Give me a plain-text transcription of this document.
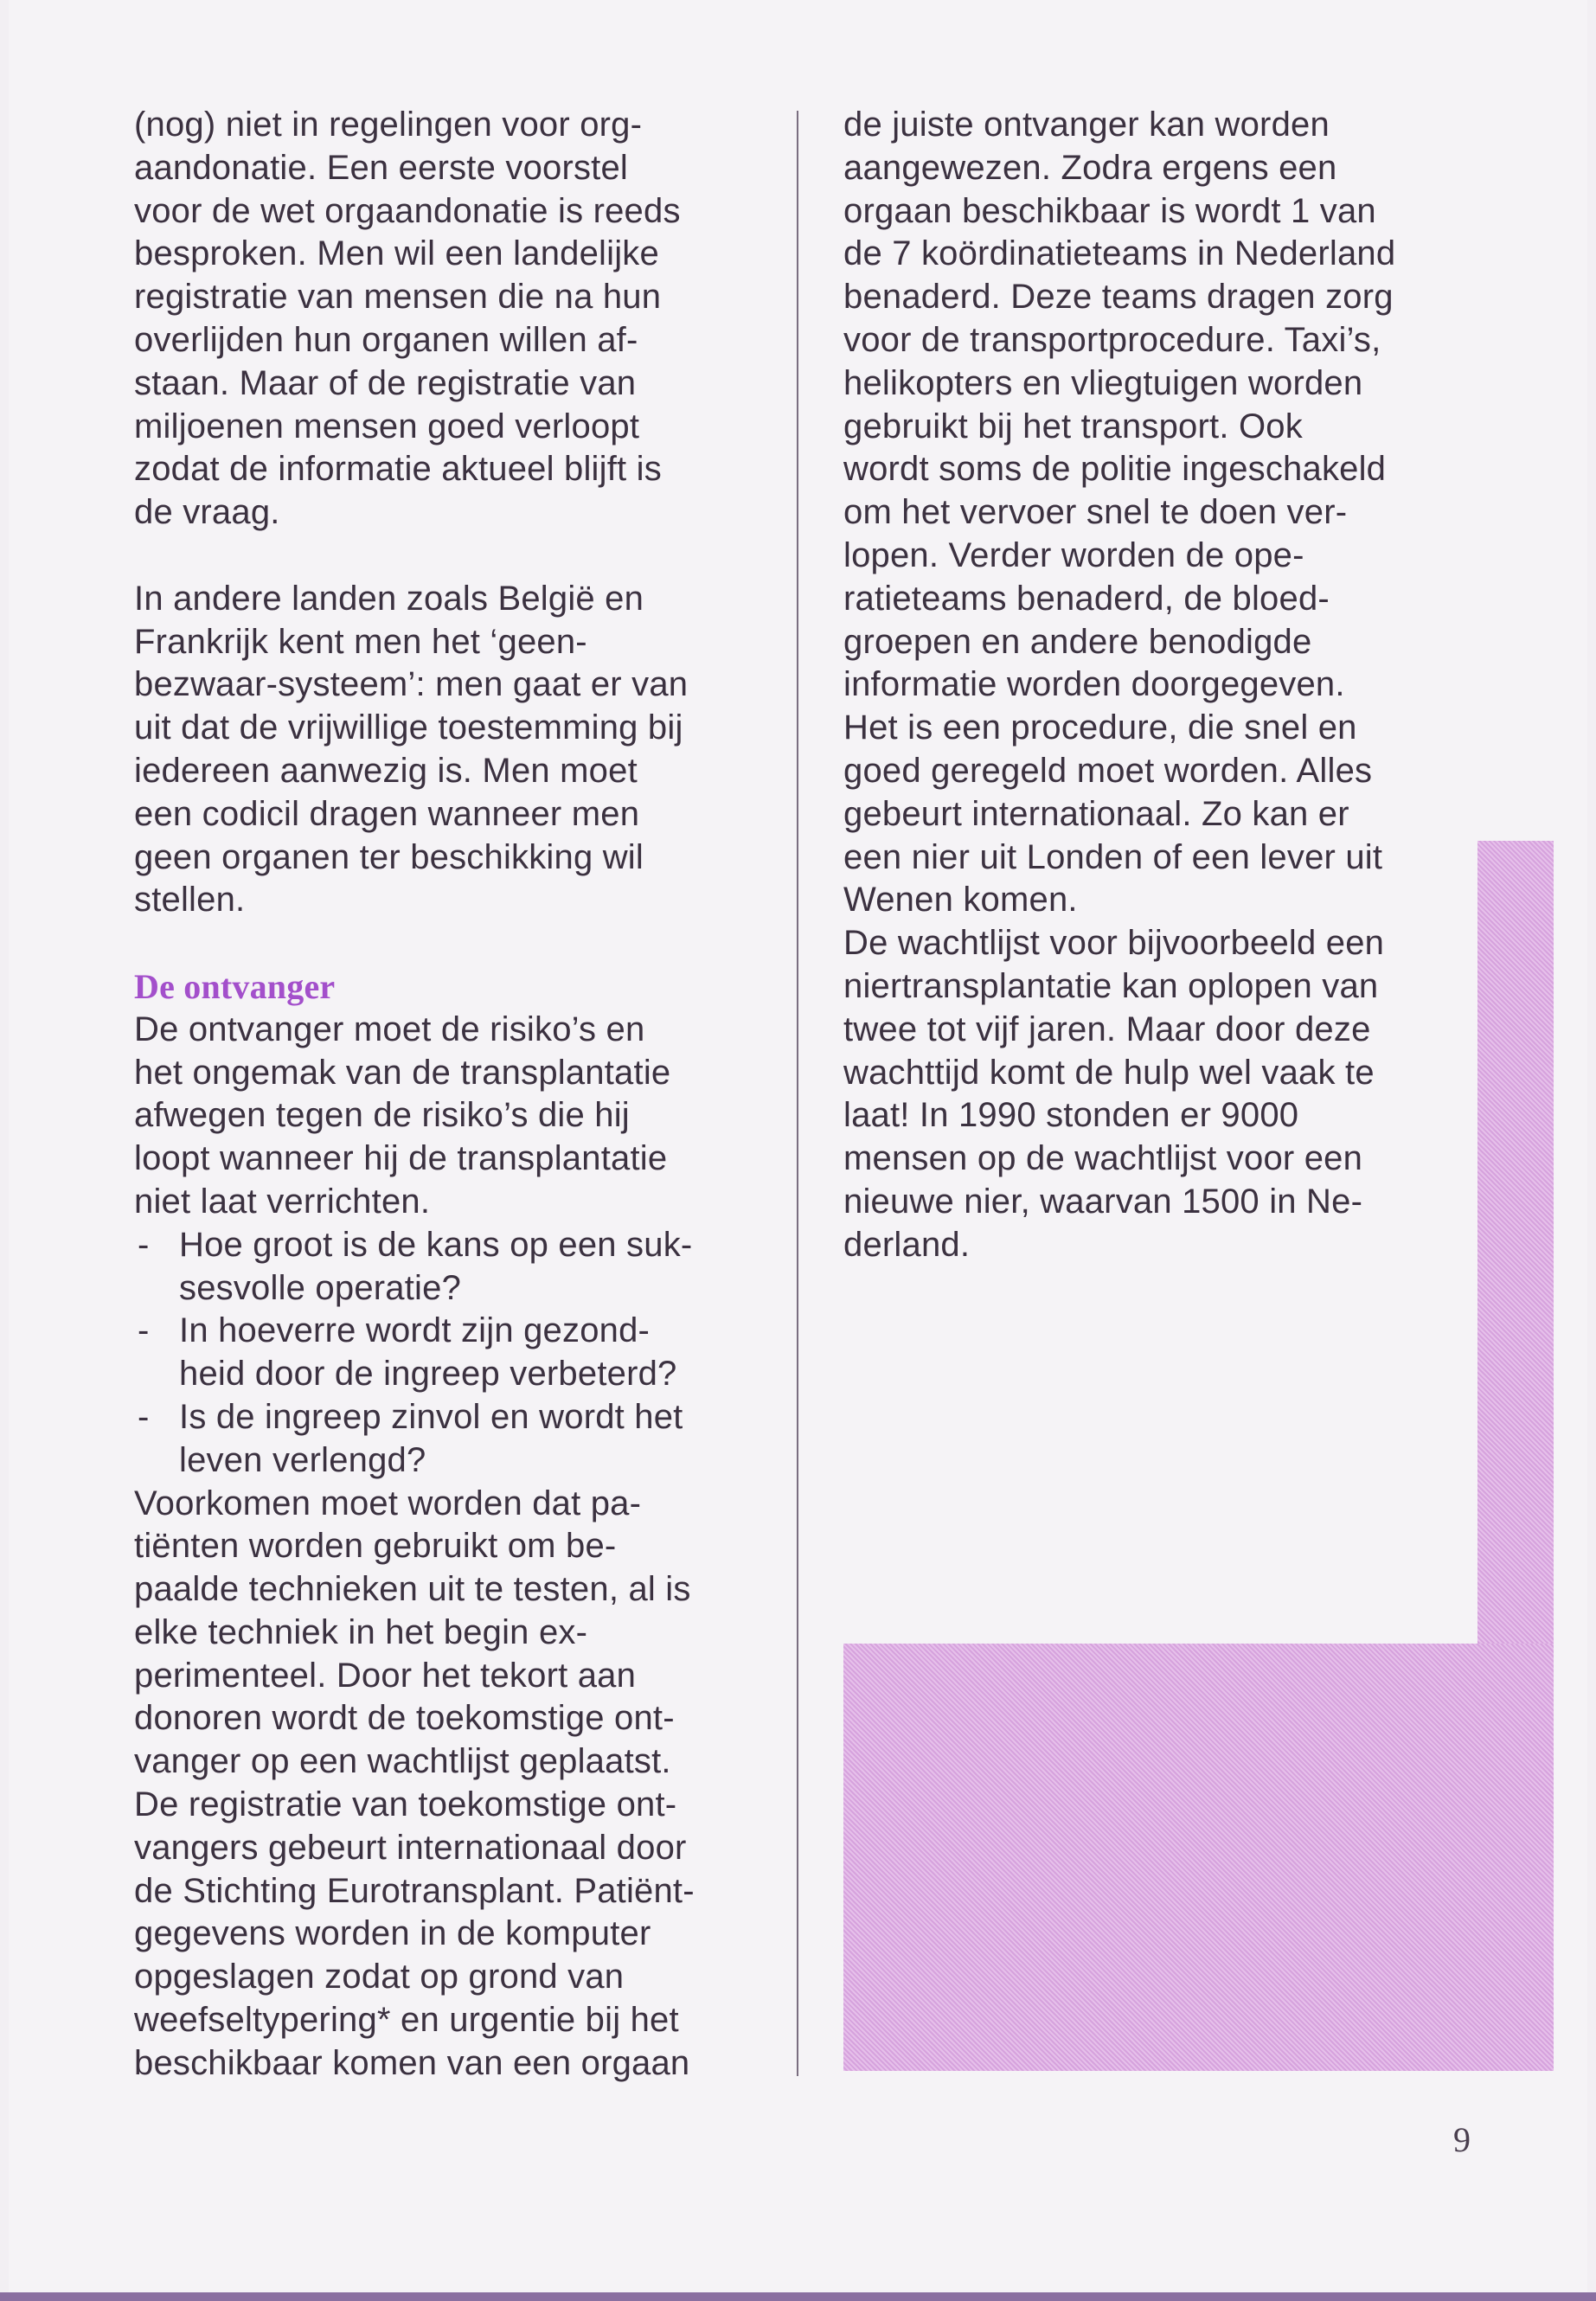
(nog) niet in regelingen voor org-
aandonatie. Een eerste voorstel
voor de wet orgaandonatie is reeds
besproken. Men wil een landelijke
registratie van mensen die na hun
overlijden hun organen willen af-
staan. Maar of de registratie van
miljoenen mensen goed verloopt
zodat de informatie aktueel blijft is
de vraag.
In andere landen zoals België en
Frankrijk kent men het ‘geen-
bezwaar-systeem’: men gaat er van
uit dat de vrijwillige toestemming bij
iedereen aanwezig is. Men moet
een codicil dragen wanneer men
geen organen ter beschikking wil
stellen.
De ontvanger
De ontvanger moet de risiko’s en
het ongemak van de transplantatie
afwegen tegen de risiko’s die hij
loopt wanneer hij de transplantatie
niet laat verrichten.
- Hoe groot is de kans op een suk-
sesvolle operatie?
- In hoeverre wordt zijn gezond-
heid door de ingreep verbeterd?
- Is de ingreep zinvol en wordt het
leven verlengd?
Voorkomen moet worden dat pa-
tiënten worden gebruikt om be-
paalde technieken uit te testen, al is
elke techniek in het begin ex-
perimenteel. Door het tekort aan
donoren wordt de toekomstige ont-
vanger op een wachtlijst geplaatst.
De registratie van toekomstige ont-
vangers gebeurt internationaal door
de Stichting Eurotransplant. Patiënt-
gegevens worden in de komputer
opgeslagen zodat op grond van
weefseltypering* en urgentie bij het
beschikbaar komen van een orgaan
de juiste ontvanger kan worden
aangewezen. Zodra ergens een
orgaan beschikbaar is wordt 1 van
de 7 koördinatieteams in Nederland
benaderd. Deze teams dragen zorg
voor de transportprocedure. Taxi’s,
helikopters en vliegtuigen worden
gebruikt bij het transport. Ook
wordt soms de politie ingeschakeld
om het vervoer snel te doen ver-
lopen. Verder worden de ope-
ratieteams benaderd, de bloed-
groepen en andere benodigde
informatie worden doorgegeven.
Het is een procedure, die snel en
goed geregeld moet worden. Alles
gebeurt internationaal. Zo kan er
een nier uit Londen of een lever uit
Wenen komen.
De wachtlijst voor bijvoorbeeld een
niertransplantatie kan oplopen van
twee tot vijf jaren. Maar door deze
wachttijd komt de hulp wel vaak te
laat! In 1990 stonden er 9000
mensen op de wachtlijst voor een
nieuwe nier, waarvan 1500 in Ne-
derland.
9
